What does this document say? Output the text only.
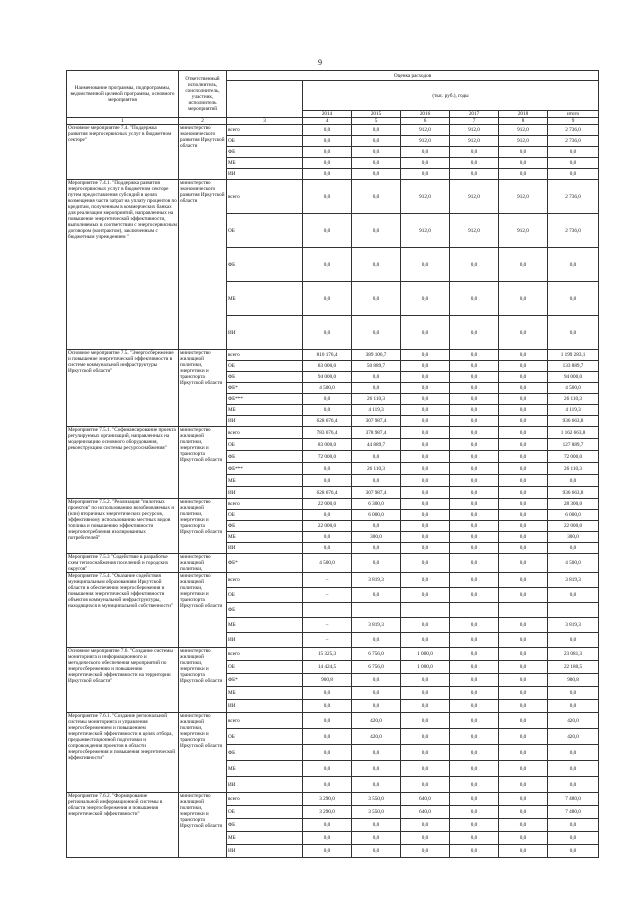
9
Наименование программы, подпрограммы, ведомственной целевой программы, основного мероприятия	Ответственный исполнитель, соисполнитель, участник, исполнитель мероприятий	Оценка расходов						
			(тыс. руб.), годы					
			2014	2015	2016	2017	2018	итого
1	2	3	4	5	6	7	8	9
Основное мероприятие 7.4. "Поддержка развития энергосервисных услуг в бюджетном секторе"	министерство экономического развития Иркутской области	всего	0,0	0,0	912,0	912,0	912,0	2 736,0
		ОБ	0,0	0,0	912,0	912,0	912,0	2 736,0
		ФБ	0,0	0,0	0,0	0,0	0,0	0,0
		МБ	0,0	0,0	0,0	0,0	0,0	0,0
		ИИ	0,0	0,0	0,0	0,0	0,0	0,0
Мероприятие 7.4.1. "Поддержка развития энергосервисных услуг в бюджетном секторе путем предоставления субсидий в целях возмещения части затрат на уплату процентов по кредитам, полученным в коммерческих банках для реализации мероприятий, направленных на повышение энергетической эффективности, выполняемых в соответствии с энергосервисным договором (контрактом), заключенным с бюджетным учреждением "	министерство экономического развития Иркутской области	всего	0,0	0,0	912,0	912,0	912,0	2 736,0
		ОБ	0,0	0,0	912,0	912,0	912,0	2 736,0
		ФБ	0,0	0,0	0,0	0,0	0,0	0,0
		МБ	0,0	0,0	0,0	0,0	0,0	0,0
		ИИ	0,0	0,0	0,0	0,0	0,0	0,0
Основное мероприятие 7.5. "Энергосбережение и повышение энергетической эффективности в системе коммунальной инфраструктуры Иркутской области"	министерство жилищной политики, энергетики и транспорта Иркутской области	всего	810 176,4	389 106,7	0,0	0,0	0,0	1 199 283,1
		ОБ	83 000,0	50 889,7	0,0	0,0	0,0	133 889,7
		ФБ	94 000,0	0,0	0,0	0,0	0,0	94 000,0
		ФБ*	4 500,0	0,0	0,0	0,0	0,0	4 500,0
		ФБ***	0,0	26 110,3	0,0	0,0	0,0	26 110,3
		МБ	0,0	4 119,3	0,0	0,0	0,0	4 119,3
		ИИ	628 676,4	307 987,4	0,0	0,0	0,0	936 663,8
Мероприятие 7.5.1. "Софинансирование проекта регулируемых организаций, направленных на модернизацию основного оборудования, реконструкцию системы ресурсоснабжения"	министерство жилищной политики, энергетики и транспорта Иркутской области	всего	783 676,4	378 987,4	0,0	0,0	0,0	1 162 663,8
		ОБ	83 000,0	44 889,7	0,0	0,0	0,0	127 889,7
		ФБ	72 000,0	0,0	0,0	0,0	0,0	72 000,0
		ФБ***	0,0	26 110,3	0,0	0,0	0,0	26 110,3
		МБ	0,0	0,0	0,0	0,0	0,0	0,0
		ИИ	628 676,4	307 987,4	0,0	0,0	0,0	936 663,8
Мероприятие 7.5.2. "Реализация "пилотных проектов" по использованию возобновляемых и (или) вторичных энергетических ресурсов, эффективному использованию местных видов топлива и повышению эффективности энергопотребления изолированных потребителей"	министерство жилищной политики, энергетики и транспорта Иркутской области	всего	22 000,0	6 300,0	0,0	0,0	0,0	28 300,0
		ОБ	0,0	6 000,0	0,0	0,0	0,0	6 000,0
		ФБ	22 000,0	0,0	0,0	0,0	0,0	22 000,0
		МБ	0,0	300,0	0,0	0,0	0,0	300,0
		ИИ	0,0	0,0	0,0	0,0	0,0	0,0
Мероприятие 7.5.3 "Содействие в разработке схем теплоснабжения поселений и городских округов"	министерство жилищной политики,	ФБ*	4 500,0	0,0	0,0	0,0	0,0	4 500,0
Мероприятие 7.5.4. "Оказание содействия муниципальным образованиям Иркутской области в обеспечении энергосбережения и повышения энергетической эффективности объектов коммунальной инфраструктуры, находящихся в муниципальной собственности"	министерство жилищной политики, энергетики и транспорта Иркутской области	всего	–	3 819,3	0,0	0,0	0,0	3 819,3
		ОБ	–	0,0	0,0	0,0	0,0	0,0
		ФБ						
		МБ	–	3 819,3	0,0	0,0	0,0	3 819,3
		ИИ	–	0,0	0,0	0,0	0,0	0,0
Основное мероприятие 7.6. "Создание системы мониторинга и информационного и методического обеспечения мероприятий по энергосбережению и повышению энергетической эффективности на территории Иркутской области"	министерство жилищной политики, энергетики и транспорта Иркутской области	всего	15 325,3	6 756,0	1 000,0	0,0	0,0	23 081,3
		ОБ	14 424,5	6 756,0	1 000,0	0,0	0,0	22 180,5
		ФБ*	900,8	0,0	0,0	0,0	0,0	900,8
		МБ	0,0	0,0	0,0	0,0	0,0	0,0
		ИИ	0,0	0,0	0,0	0,0	0,0	0,0
Мероприятие 7.6.1. "Создание региональной системы мониторинга и управления энергосбережением и повышением энергетической эффективности в целях отбора, предынвестиционной подготовки и сопровождения проектов в области энергосбережения и повышения энергетической эффективности"	министерство жилищной политики, энергетики и транспорта Иркутской области	всего	0,0	420,0	0,0	0,0	0,0	420,0
		ОБ	0,0	420,0	0,0	0,0	0,0	420,0
		ФБ	0,0	0,0	0,0	0,0	0,0	0,0
		МБ	0,0	0,0	0,0	0,0	0,0	0,0
		ИИ	0,0	0,0	0,0	0,0	0,0	0,0
Мероприятие 7.6.2. "Формирование региональной информационной системы в области энергосбережения и повышения энергетической эффективности"	министерство жилищной политики, энергетики и транспорта Иркутской области	всего	3 290,0	3 550,0	640,0	0,0	0,0	7 480,0
		ОБ	3 290,0	3 550,0	640,0	0,0	0,0	7 480,0
		ФБ	0,0	0,0	0,0	0,0	0,0	0,0
		МБ	0,0	0,0	0,0	0,0	0,0	0,0
		ИИ	0,0	0,0	0,0	0,0	0,0	0,0
